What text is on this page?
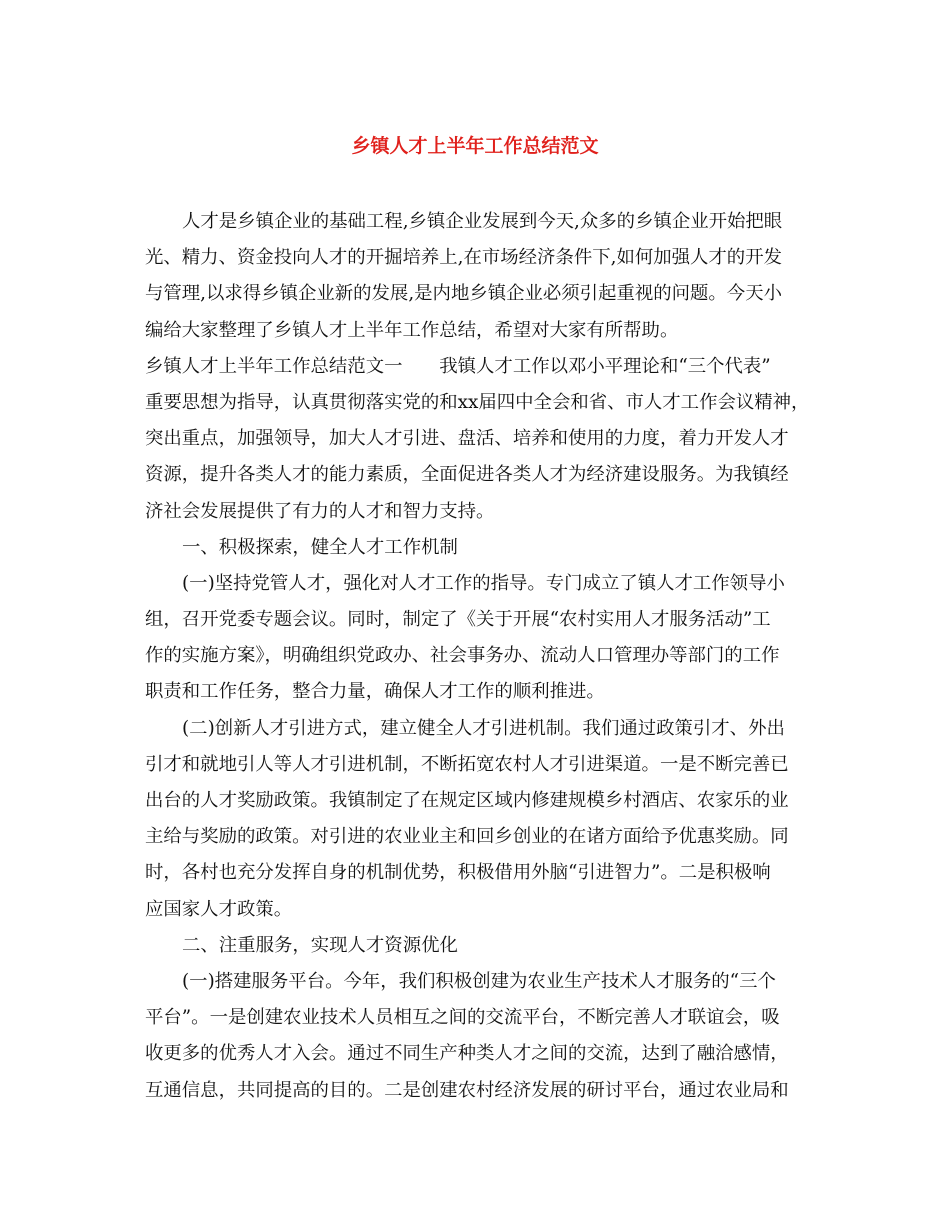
乡镇人才上半年工作总结范文
人才是乡镇企业的基础工程,乡镇企业发展到今天,众多的乡镇企业开始把眼
光、精力、资金投向人才的开掘培养上,在市场经济条件下,如何加强人才的开发
与管理,以求得乡镇企业新的发展,是内地乡镇企业必须引起重视的问题。今天小
编给大家整理了乡镇人才上半年工作总结，希望对大家有所帮助。
乡镇人才上半年工作总结范文一　　我镇人才工作以邓小平理论和“三个代表”
重要思想为指导，认真贯彻落实党的和xx届四中全会和省、市人才工作会议精神，
突出重点，加强领导，加大人才引进、盘活、培养和使用的力度，着力开发人才
资源，提升各类人才的能力素质，全面促进各类人才为经济建设服务。为我镇经
济社会发展提供了有力的人才和智力支持。
一、积极探索，健全人才工作机制
(一)坚持党管人才，强化对人才工作的指导。专门成立了镇人才工作领导小
组，召开党委专题会议。同时，制定了《关于开展“农村实用人才服务活动”工
作的实施方案》，明确组织党政办、社会事务办、流动人口管理办等部门的工作
职责和工作任务，整合力量，确保人才工作的顺利推进。
(二)创新人才引进方式，建立健全人才引进机制。我们通过政策引才、外出
引才和就地引人等人才引进机制，不断拓宽农村人才引进渠道。一是不断完善已
出台的人才奖励政策。我镇制定了在规定区域内修建规模乡村酒店、农家乐的业
主给与奖励的政策。对引进的农业业主和回乡创业的在诸方面给予优惠奖励。同
时，各村也充分发挥自身的机制优势，积极借用外脑“引进智力”。二是积极响
应国家人才政策。
二、注重服务，实现人才资源优化
(一)搭建服务平台。今年，我们积极创建为农业生产技术人才服务的“三个
平台”。一是创建农业技术人员相互之间的交流平台，不断完善人才联谊会，吸
收更多的优秀人才入会。通过不同生产种类人才之间的交流，达到了融洽感情，
互通信息，共同提高的目的。二是创建农村经济发展的研讨平台，通过农业局和
